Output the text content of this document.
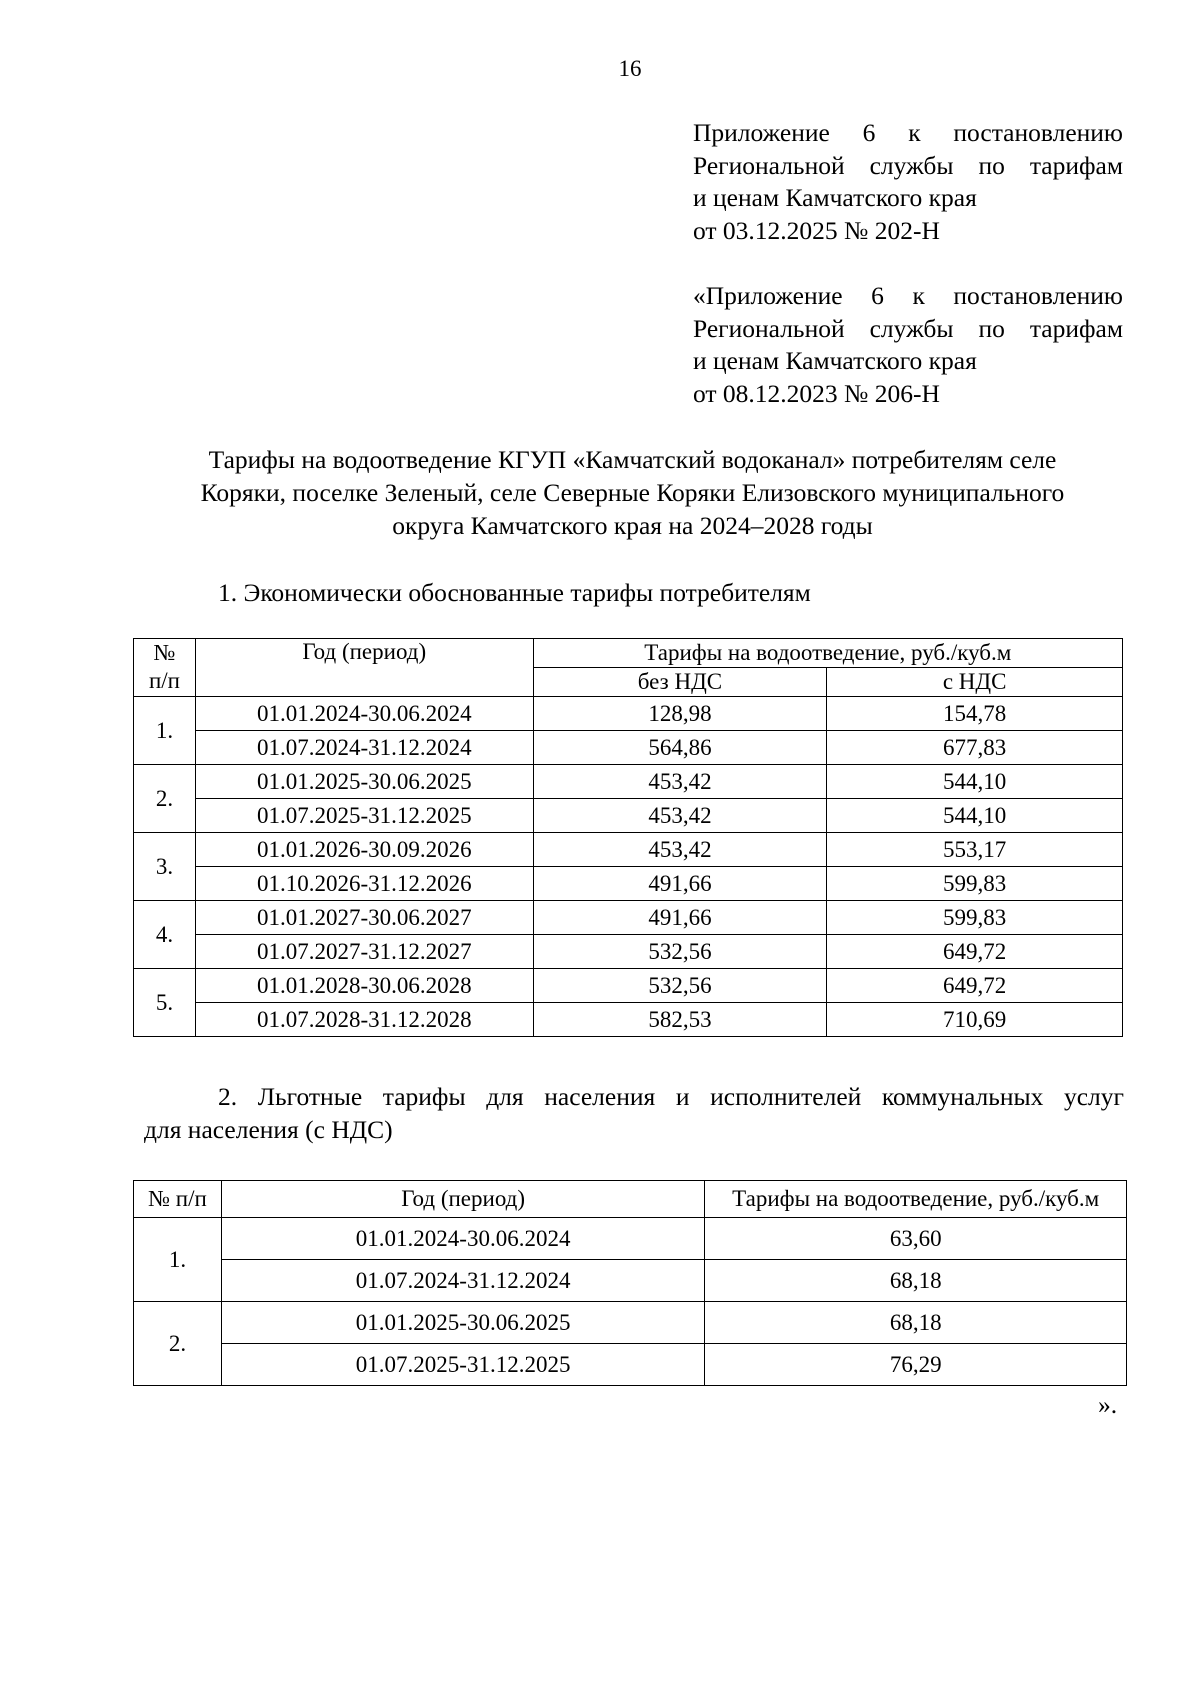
16
Приложение 6 к постановлению
Региональной службы по тарифам
и ценам Камчатского края
от 03.12.2025 № 202-Н
«Приложение 6 к постановлению
Региональной службы по тарифам
и ценам Камчатского края
от 08.12.2023 № 206-Н
Тарифы на водоотведение КГУП «Камчатский водоканал» потребителям селе
Коряки, поселке Зеленый, селе Северные Коряки Елизовского муниципального
округа Камчатского края на 2024–2028 годы
1. Экономически обоснованные тарифы потребителям
№
п/п	Год (период)	Тарифы на водоотведение, руб./куб.м	
		без НДС	с НДС
1.	01.01.2024-30.06.2024	128,98	154,78
	01.07.2024-31.12.2024	564,86	677,83
2.	01.01.2025-30.06.2025	453,42	544,10
	01.07.2025-31.12.2025	453,42	544,10
3.	01.01.2026-30.09.2026	453,42	553,17
	01.10.2026-31.12.2026	491,66	599,83
4.	01.01.2027-30.06.2027	491,66	599,83
	01.07.2027-31.12.2027	532,56	649,72
5.	01.01.2028-30.06.2028	532,56	649,72
	01.07.2028-31.12.2028	582,53	710,69
2. Льготные тарифы для населения и исполнителей коммунальных услуг
для населения (с НДС)
№ п/п	Год (период)	Тарифы на водоотведение, руб./куб.м
1.	01.01.2024-30.06.2024	63,60
	01.07.2024-31.12.2024	68,18
2.	01.01.2025-30.06.2025	68,18
	01.07.2025-31.12.2025	76,29
».
